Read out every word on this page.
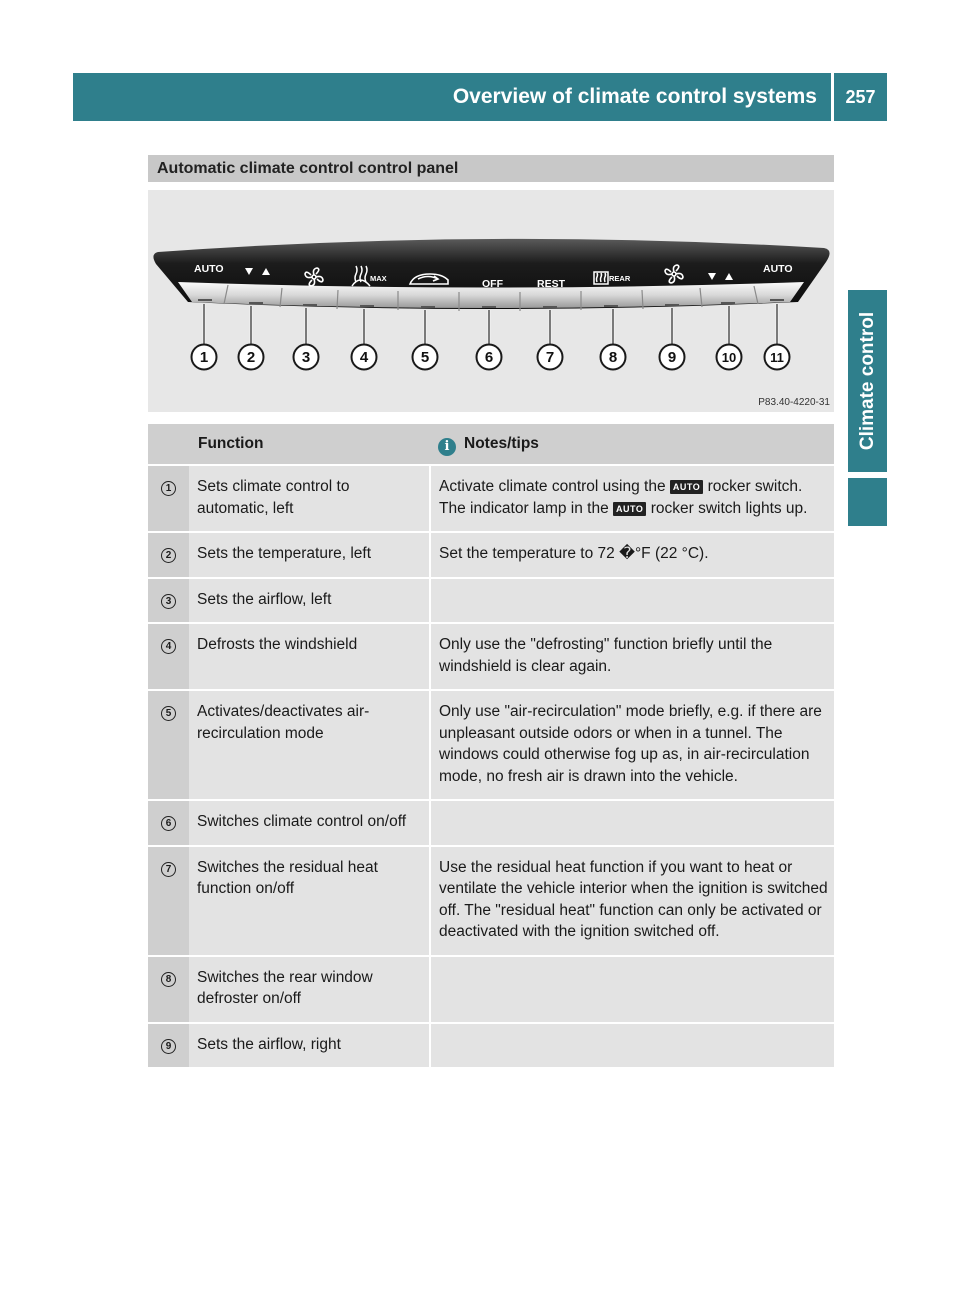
Overview of climate control systems	257
Climate control
Automatic climate control control panel
AUTO
OFF	REST	REAR
MAX
AUTO
1	2	3	4	5	6	7	8	9	10	11
P83.40-4220-31
	Function	i Notes/tips
1	Sets climate control to automatic, left	Activate climate control using the AUTO rocker switch. The indicator lamp in the AUTO rocker switch lights up.
2	Sets the temperature, left	Set the temperature to 72 �°F (22 ‌°C).
3	Sets the airflow, left	
4	Defrosts the windshield	Only use the "defrosting" function briefly until the windshield is clear again.
5	Activates/deactivates air-recirculation mode	Only use "air-recirculation" mode briefly, e.g. if there are unpleasant outside odors or when in a tunnel. The windows could otherwise fog up as, in air-recirculation mode, no fresh air is drawn into the vehicle.
6	Switches climate control on/off	
7	Switches the residual heat function on/off	Use the residual heat function if you want to heat or ventilate the vehicle interior when the ignition is switched off. The "residual heat" function can only be activated or deactivated with the ignition switched off.
8	Switches the rear window defroster on/off	
9	Sets the airflow, right	
